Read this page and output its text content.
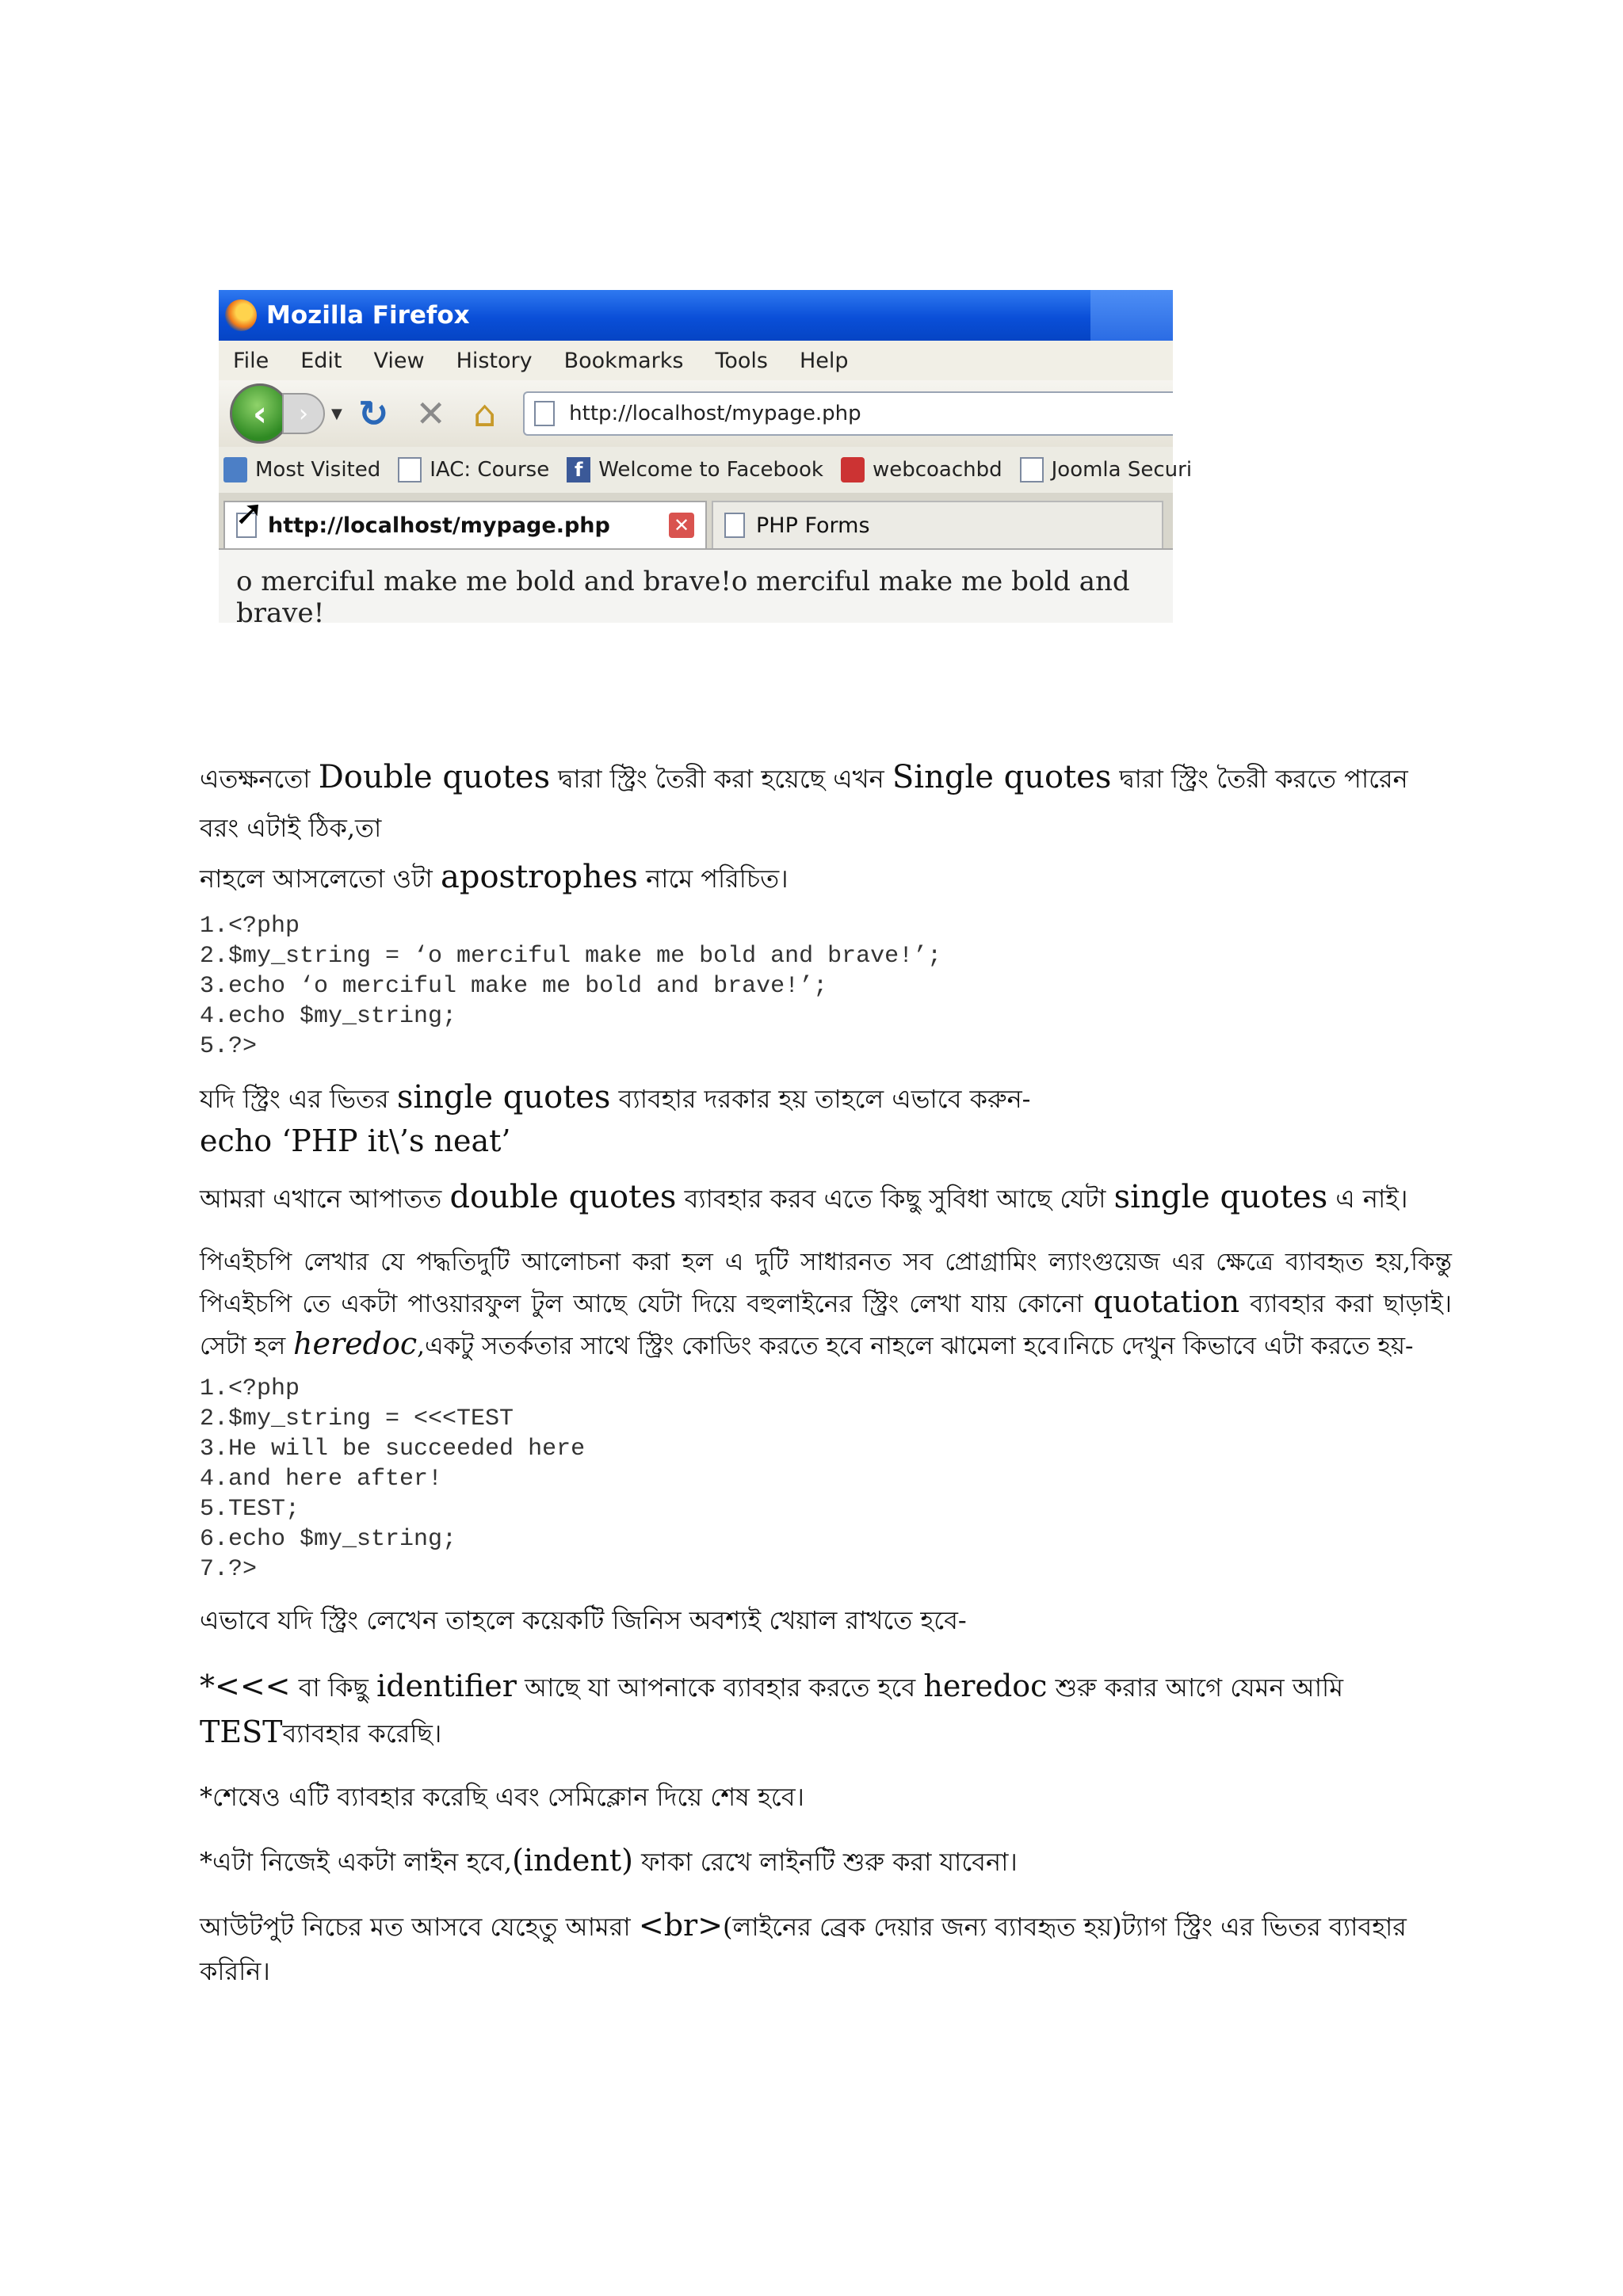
Mozilla Firefox
File Edit View History Bookmarks Tools Help
‹ › ▼ ↻ ✕ ⌂	http://localhost/mypage.php
Most Visited IAC: Course	f Welcome to Facebook webcoachbd Joomla Securi
http://localhost/mypage.php	✕	PHP Forms
➚
o merciful make me bold and brave!o merciful make me bold and brave!

এতক্ষনতো Double quotes দ্বারা স্ট্রিং তৈরী করা হয়েছে এখন Single quotes দ্বারা স্ট্রিং তৈরী করতে পারেন বরং এটাই ঠিক,তা

নাহলে আসলেতো ওটা apostrophes নামে পরিচিত।

1.<?php
2.$my_string = ‘o merciful make me bold and brave!’;
3.echo ‘o merciful make me bold and brave!’;
4.echo $my_string;
5.?>

যদি স্ট্রিং এর ভিতর single quotes ব্যাবহার দরকার হয় তাহলে এভাবে করুন-

echo ‘PHP it\’s neat’

আমরা এখানে আপাতত double quotes ব্যাবহার করব এতে কিছু সুবিধা আছে যেটা single quotes এ নাই।

পিএইচপি লেখার যে পদ্ধতিদুটি আলোচনা করা হল এ দুটি সাধারনত সব প্রোগ্রামিং ল্যাংগুয়েজ এর ক্ষেত্রে ব্যাবহৃত হয়,কিন্তু পিএইচপি তে একটা পাওয়ারফুল টুল আছে যেটা দিয়ে বহুলাইনের স্ট্রিং লেখা যায় কোনো quotation ব্যাবহার করা ছাড়াই।সেটা হল heredoc,একটু সতর্কতার সাথে স্ট্রিং কোডিং করতে হবে নাহলে ঝামেলা হবে।নিচে দেখুন কিভাবে এটা করতে হয়-

1.<?php
2.$my_string = <<<TEST
3.He will be succeeded here
4.and here after!
5.TEST;
6.echo $my_string;
7.?>

এভাবে যদি স্ট্রিং লেখেন তাহলে কয়েকটি জিনিস অবশ্যই খেয়াল রাখতে হবে-

*<<< বা কিছু identifier আছে যা আপনাকে ব্যাবহার করতে হবে heredoc শুরু করার আগে যেমন আমি TESTব্যাবহার করেছি।

*শেষেও এটি ব্যাবহার করেছি এবং সেমিক্লোন দিয়ে শেষ হবে।

*এটা নিজেই একটা লাইন হবে,(indent) ফাকা রেখে লাইনটি শুরু করা যাবেনা।

আউটপুট নিচের মত আসবে যেহেতু আমরা <br>(লাইনের ব্রেক দেয়ার জন্য ব্যাবহৃত হয়)ট্যাগ স্ট্রিং এর ভিতর ব্যাবহার করিনি।
